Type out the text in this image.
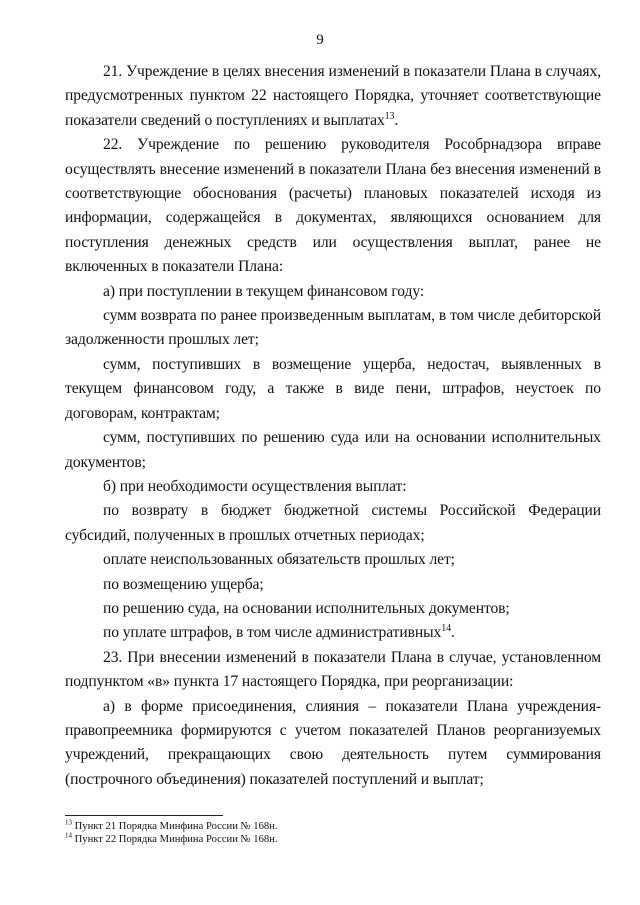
9

21. Учреждение в целях внесения изменений в показатели Плана в случаях, предусмотренных пунктом 22 настоящего Порядка, уточняет соответствующие показатели сведений о поступлениях и выплатах$^{13}$.

22. Учреждение по решению руководителя Рособрнадзора вправе осуществлять внесение изменений в показатели Плана без внесения изменений в соответствующие обоснования (расчеты) плановых показателей исходя из информации, содержащейся в документах, являющихся основанием для поступления денежных средств или осуществления выплат, ранее не включенных в показатели Плана:

а) при поступлении в текущем финансовом году:

сумм возврата по ранее произведенным выплатам, в том числе дебиторской задолженности прошлых лет;

сумм, поступивших в возмещение ущерба, недостач, выявленных в текущем финансовом году, а также в виде пени, штрафов, неустоек по договорам, контрактам;

сумм, поступивших по решению суда или на основании исполнительных документов;

б) при необходимости осуществления выплат:

по возврату в бюджет бюджетной системы Российской Федерации субсидий, полученных в прошлых отчетных периодах;

оплате неиспользованных обязательств прошлых лет;

по возмещению ущерба;

по решению суда, на основании исполнительных документов;

по уплате штрафов, в том числе административных$^{14}$.

23. При внесении изменений в показатели Плана в случае, установленном подпунктом «в» пункта 17 настоящего Порядка, при реорганизации:

а) в форме присоединения, слияния – показатели Плана учреждения-правопреемника формируются с учетом показателей Планов реорганизуемых учреждений, прекращающих свою деятельность путем суммирования (построчного объединения) показателей поступлений и выплат;

$^{13}$ Пункт 21 Порядка Минфина России № 168н.
$^{14}$ Пункт 22 Порядка Минфина России № 168н.
